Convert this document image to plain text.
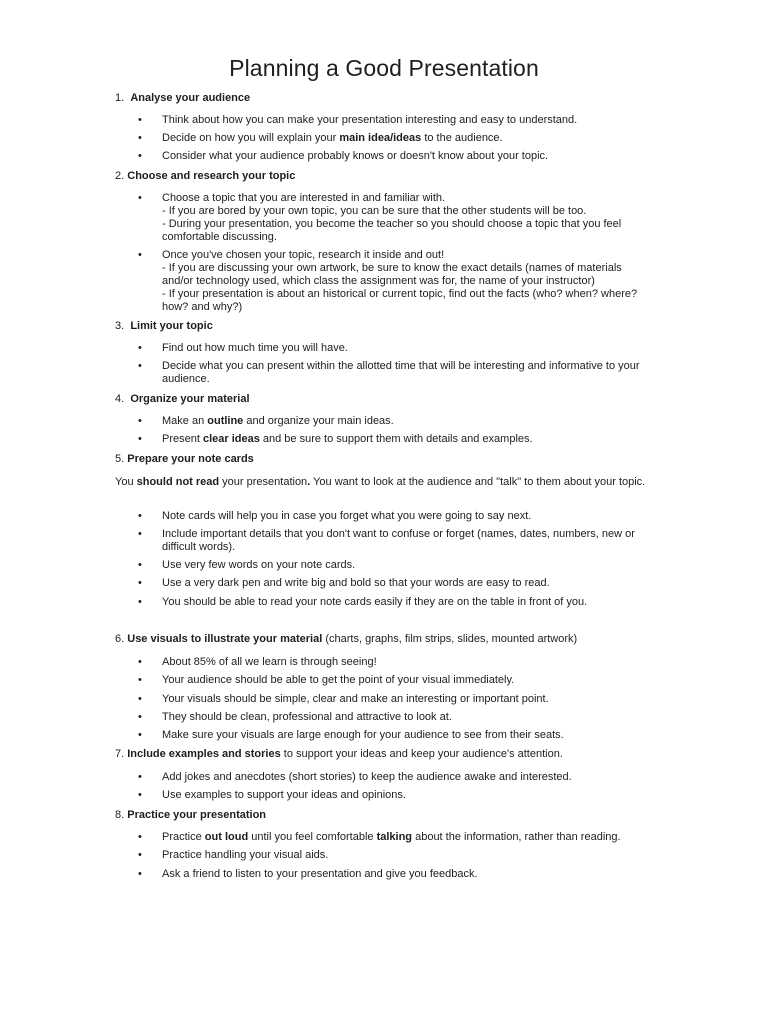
Planning a Good Presentation
1. Analyse your audience
• Think about how you can make your presentation interesting and easy to understand.
• Decide on how you will explain your main idea/ideas to the audience.
• Consider what your audience probably knows or doesn't know about your topic.
2. Choose and research your topic
• Choose a topic that you are interested in and familiar with.
- If you are bored by your own topic, you can be sure that the other students will be too.
- During your presentation, you become the teacher so you should choose a topic that you feel comfortable discussing.
• Once you've chosen your topic, research it inside and out!
- If you are discussing your own artwork, be sure to know the exact details (names of materials and/or technology used, which class the assignment was for, the name of your instructor)
- If your presentation is about an historical or current topic, find out the facts (who? when? where? how? and why?)
3. Limit your topic
• Find out how much time you will have.
• Decide what you can present within the allotted time that will be interesting and informative to your audience.
4. Organize your material
• Make an outline and organize your main ideas.
• Present clear ideas and be sure to support them with details and examples.
5. Prepare your note cards
You should not read your presentation. You want to look at the audience and "talk" to them about your topic.
• Note cards will help you in case you forget what you were going to say next.
• Include important details that you don't want to confuse or forget (names, dates, numbers, new or difficult words).
• Use very few words on your note cards.
• Use a very dark pen and write big and bold so that your words are easy to read.
• You should be able to read your note cards easily if they are on the table in front of you.
6. Use visuals to illustrate your material (charts, graphs, film strips, slides, mounted artwork)
• About 85% of all we learn is through seeing!
• Your audience should be able to get the point of your visual immediately.
• Your visuals should be simple, clear and make an interesting or important point.
• They should be clean, professional and attractive to look at.
• Make sure your visuals are large enough for your audience to see from their seats.
7. Include examples and stories to support your ideas and keep your audience's attention.
• Add jokes and anecdotes (short stories) to keep the audience awake and interested.
• Use examples to support your ideas and opinions.
8. Practice your presentation
• Practice out loud until you feel comfortable talking about the information, rather than reading.
• Practice handling your visual aids.
• Ask a friend to listen to your presentation and give you feedback.
